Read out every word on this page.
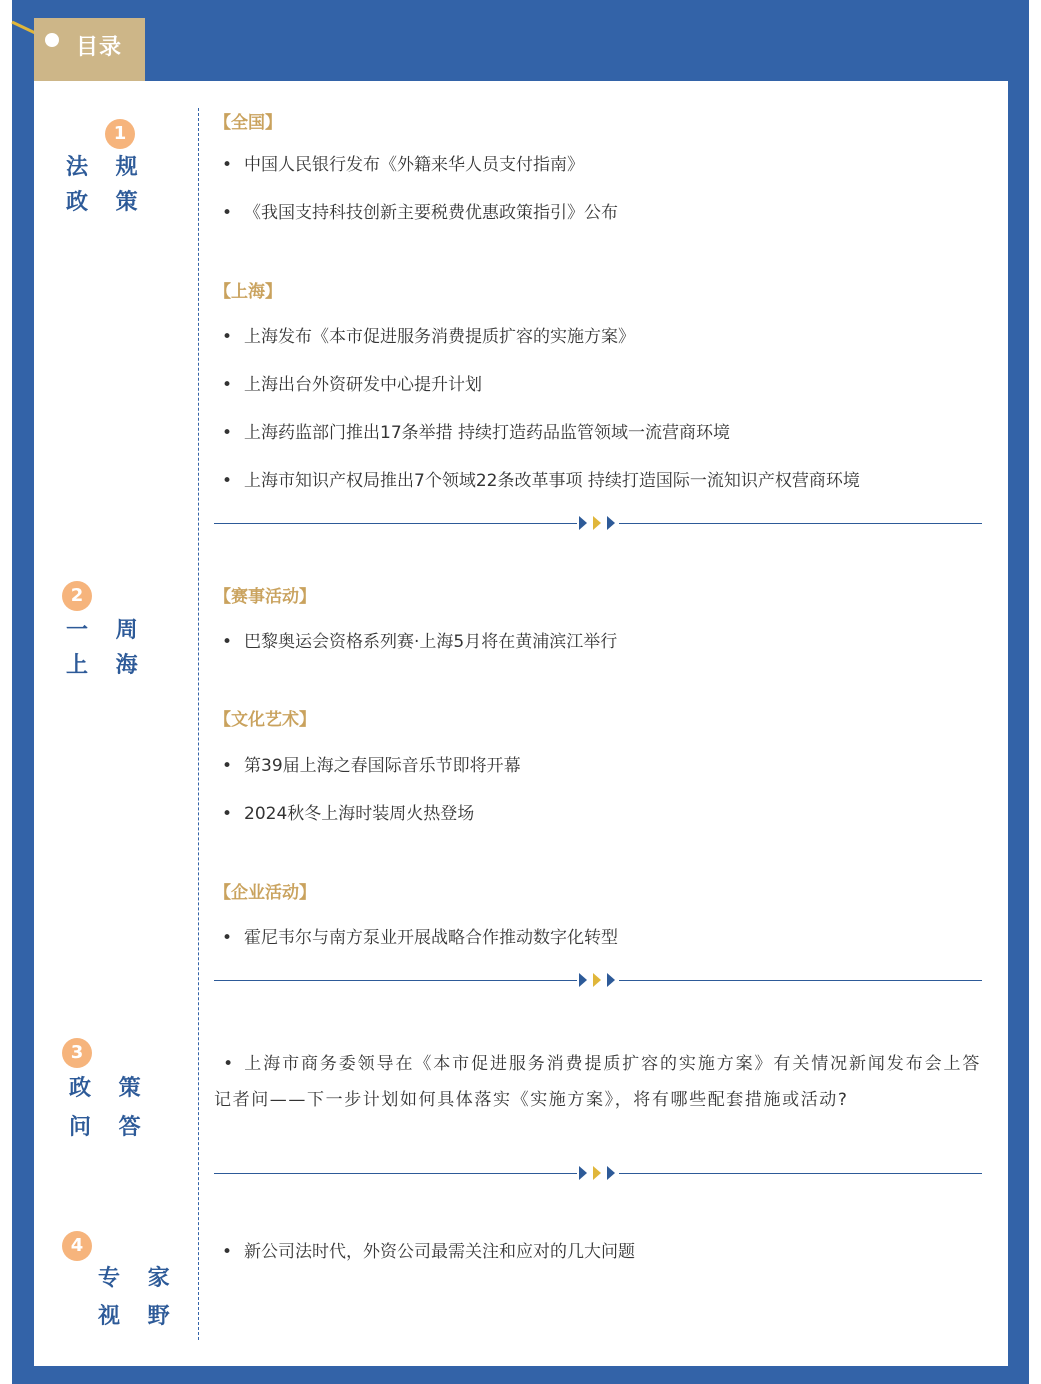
目录
1
法 规
政 策
2
一 周
上 海
3
政 策
问 答
4
专 家
视 野
【全国】
• 中国人民银行发布《外籍来华人员支付指南》
• 《我国支持科技创新主要税费优惠政策指引》公布
【上海】
• 上海发布《本市促进服务消费提质扩容的实施方案》
• 上海出台外资研发中心提升计划
• 上海药监部门推出17条举措 持续打造药品监管领域一流营商环境
• 上海市知识产权局推出7个领域22条改革事项 持续打造国际一流知识产权营商环境
【赛事活动】
• 巴黎奥运会资格系列赛·上海5月将在黄浦滨江举行
【文化艺术】
• 第39届上海之春国际音乐节即将开幕
• 2024秋冬上海时装周火热登场
【企业活动】
• 霍尼韦尔与南方泵业开展战略合作推动数字化转型
• 上海市商务委领导在《本市促进服务消费提质扩容的实施方案》有关情况新闻发布会上答记者问——下一步计划如何具体落实《实施方案》，将有哪些配套措施或活动?
• 新公司法时代，外资公司最需关注和应对的几大问题
